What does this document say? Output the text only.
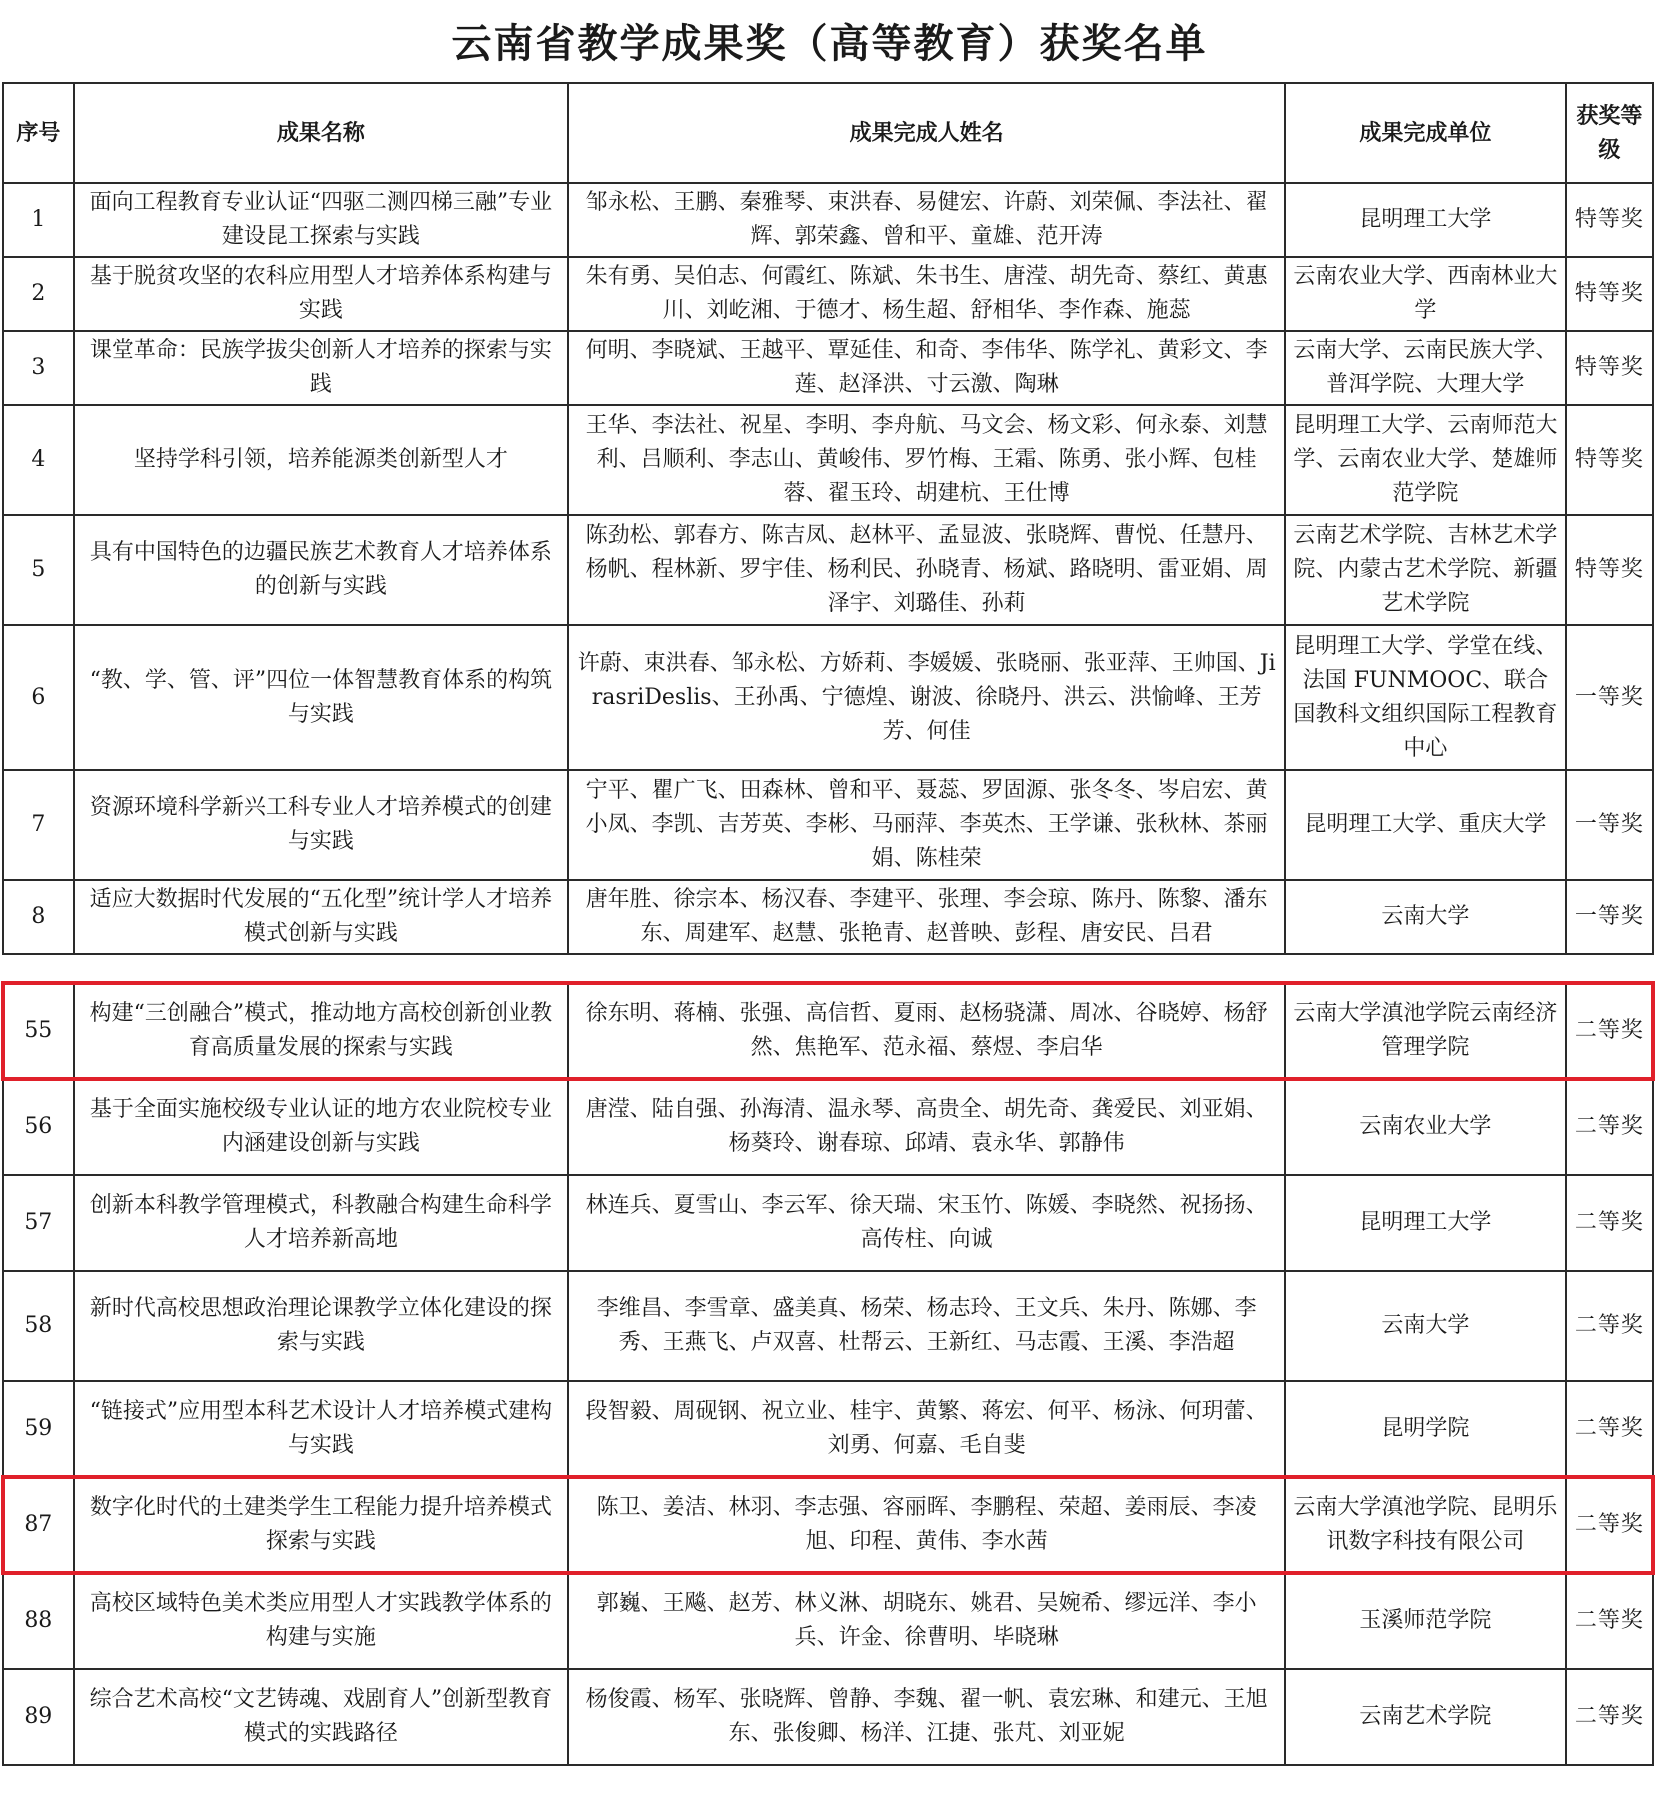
云南省教学成果奖（高等教育）获奖名单
序号	成果名称	成果完成人姓名	成果完成单位	获奖等级
1	面向工程教育专业认证“四驱二测四梯三融”专业建设昆工探索与实践	邹永松、王鹏、秦雅琴、束洪春、易健宏、许蔚、刘荣佩、李法社、翟辉、郭荣鑫、曾和平、童雄、范开涛	昆明理工大学	特等奖
2	基于脱贫攻坚的农科应用型人才培养体系构建与实践	朱有勇、吴伯志、何霞红、陈斌、朱书生、唐滢、胡先奇、蔡红、黄惠川、刘屹湘、于德才、杨生超、舒相华、李作森、施蕊	云南农业大学、西南林业大学	特等奖
3	课堂革命：民族学拔尖创新人才培养的探索与实践	何明、李晓斌、王越平、覃延佳、和奇、李伟华、陈学礼、黄彩文、李莲、赵泽洪、寸云激、陶琳	云南大学、云南民族大学、普洱学院、大理大学	特等奖
4	坚持学科引领，培养能源类创新型人才	王华、李法社、祝星、李明、李舟航、马文会、杨文彩、何永泰、刘慧利、吕顺利、李志山、黄峻伟、罗竹梅、王霜、陈勇、张小辉、包桂蓉、翟玉玲、胡建杭、王仕博	昆明理工大学、云南师范大学、云南农业大学、楚雄师范学院	特等奖
5	具有中国特色的边疆民族艺术教育人才培养体系的创新与实践	陈劲松、郭春方、陈吉凤、赵林平、孟显波、张晓辉、曹悦、任慧丹、杨帆、程林新、罗宇佳、杨利民、孙晓青、杨斌、路晓明、雷亚娟、周泽宇、刘璐佳、孙莉	云南艺术学院、吉林艺术学院、内蒙古艺术学院、新疆艺术学院	特等奖
6	“教、学、管、评”四位一体智慧教育体系的构筑与实践	许蔚、束洪春、邹永松、方娇莉、李媛媛、张晓丽、张亚萍、王帅国、JirasriDeslis、王孙禹、宁德煌、谢波、徐晓丹、洪云、洪愉峰、王芳芳、何佳	昆明理工大学、学堂在线、法国 FUNMOOC、联合国教科文组织国际工程教育中心	一等奖
7	资源环境科学新兴工科专业人才培养模式的创建与实践	宁平、瞿广飞、田森林、曾和平、聂蕊、罗固源、张冬冬、岑启宏、黄小凤、李凯、吉芳英、李彬、马丽萍、李英杰、王学谦、张秋林、茶丽娟、陈桂荣	昆明理工大学、重庆大学	一等奖
8	适应大数据时代发展的“五化型”统计学人才培养模式创新与实践	唐年胜、徐宗本、杨汉春、李建平、张理、李会琼、陈丹、陈黎、潘东东、周建军、赵慧、张艳青、赵普映、彭程、唐安民、吕君	云南大学	一等奖
55	构建“三创融合”模式，推动地方高校创新创业教育高质量发展的探索与实践	徐东明、蒋楠、张强、高信哲、夏雨、赵杨骁潇、周冰、谷晓婷、杨舒然、焦艳军、范永福、蔡煜、李启华	云南大学滇池学院云南经济管理学院	二等奖
56	基于全面实施校级专业认证的地方农业院校专业内涵建设创新与实践	唐滢、陆自强、孙海清、温永琴、高贵全、胡先奇、龚爱民、刘亚娟、杨葵玲、谢春琼、邱靖、袁永华、郭静伟	云南农业大学	二等奖
57	创新本科教学管理模式，科教融合构建生命科学人才培养新高地	林连兵、夏雪山、李云军、徐天瑞、宋玉竹、陈媛、李晓然、祝扬扬、高传柱、向诚	昆明理工大学	二等奖
58	新时代高校思想政治理论课教学立体化建设的探索与实践	李维昌、李雪章、盛美真、杨荣、杨志玲、王文兵、朱丹、陈娜、李秀、王燕飞、卢双喜、杜帮云、王新红、马志霞、王溪、李浩超	云南大学	二等奖
59	“链接式”应用型本科艺术设计人才培养模式建构与实践	段智毅、周砚钢、祝立业、桂宇、黄繁、蒋宏、何平、杨泳、何玥蕾、刘勇、何嘉、毛自斐	昆明学院	二等奖
87	数字化时代的土建类学生工程能力提升培养模式探索与实践	陈卫、姜洁、林羽、李志强、容丽晖、李鹏程、荣超、姜雨辰、李凌旭、印程、黄伟、李水茜	云南大学滇池学院、昆明乐讯数字科技有限公司	二等奖
88	高校区域特色美术类应用型人才实践教学体系的构建与实施	郭巍、王飚、赵芳、林义淋、胡晓东、姚君、吴婉希、缪远洋、李小兵、许金、徐曹明、毕晓琳	玉溪师范学院	二等奖
89	综合艺术高校“文艺铸魂、戏剧育人”创新型教育模式的实践路径	杨俊霞、杨军、张晓辉、曾静、李魏、翟一帆、袁宏琳、和建元、王旭东、张俊卿、杨洋、江捷、张芃、刘亚妮	云南艺术学院	二等奖
